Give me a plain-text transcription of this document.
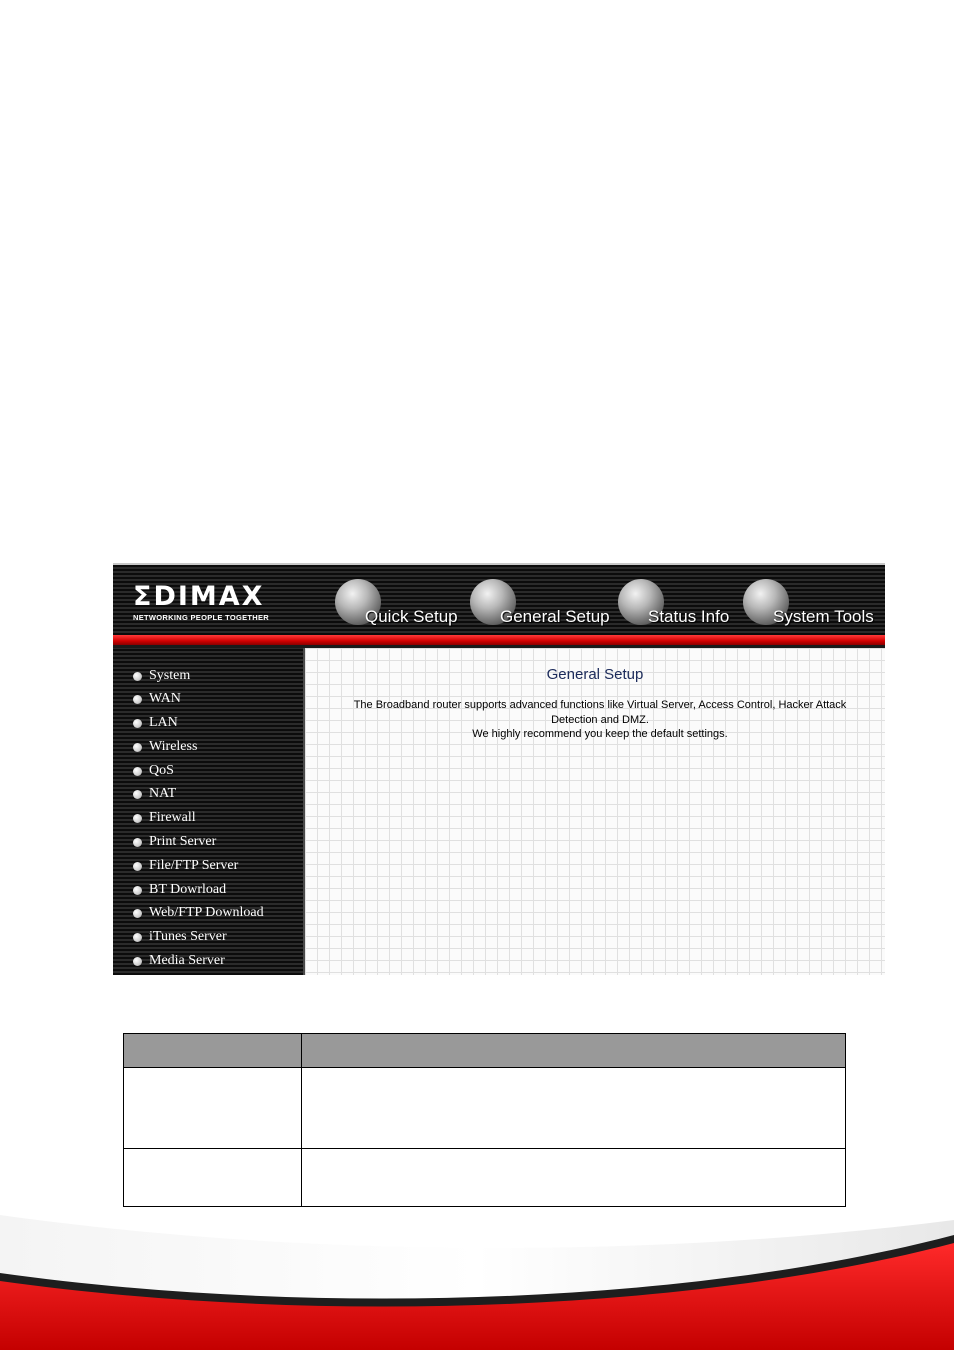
ΣDIMAX
NETWORKING PEOPLE TOGETHER	Quick Setup General Setup Status Info	System Tools
System
WAN
LAN
Wireless
QoS
NAT
Firewall
Print Server
File/FTP Server
BT Dowrload
Web/FTP Download
iTunes Server
Media Server
General Setup
The Broadband router supports advanced functions like Virtual Server, Access Control, Hacker Attack Detection and DMZ.
We highly recommend you keep the default settings.
